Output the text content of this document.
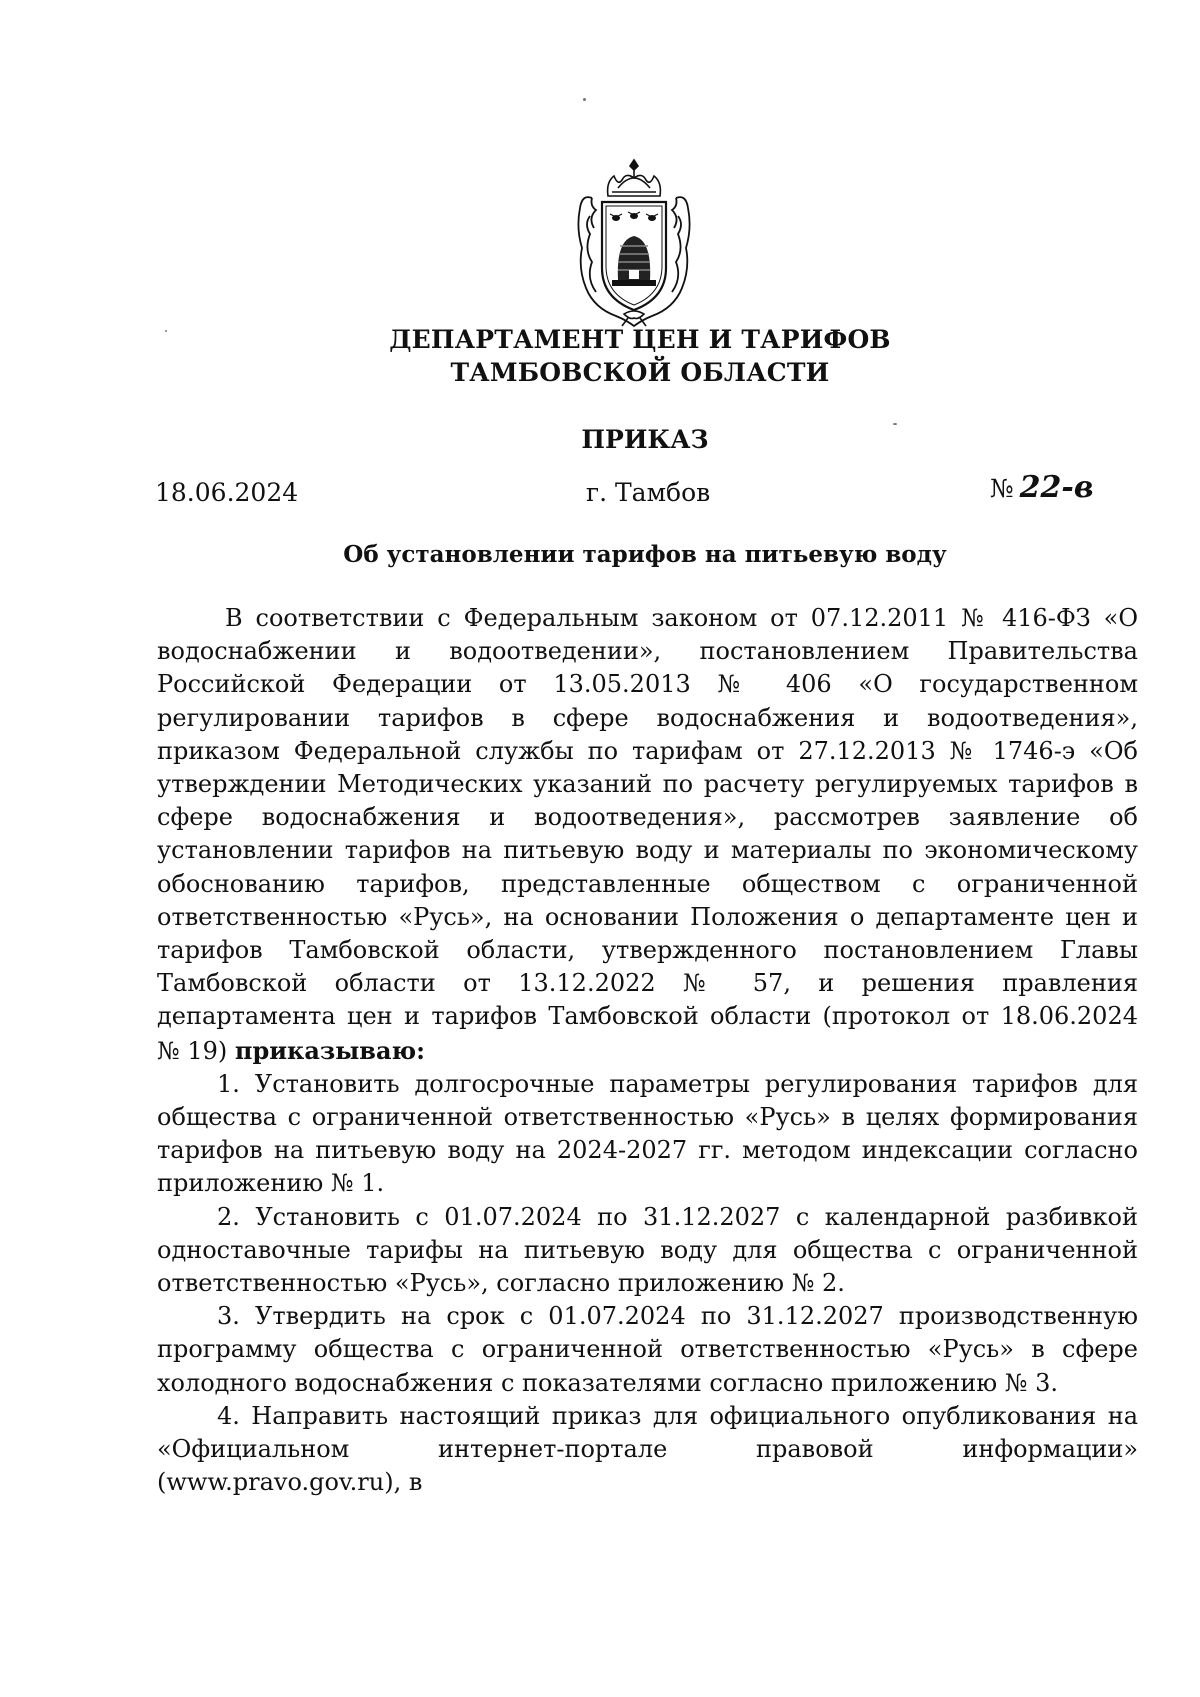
ДЕПАРТАМЕНТ ЦЕН И ТАРИФОВ
ТАМБОВСКОЙ ОБЛАСТИ
ПРИКАЗ
18.06.2024	г. Тамбов	№ 22-в
Об установлении тарифов на питьевую воду

В соответствии с Федеральным законом от 07.12.2011 № 416-ФЗ «О водоснабжении и водоотведении», постановлением Правительства Российской Федерации от 13.05.2013 № 406 «О государственном регулировании тарифов в сфере водоснабжения и водоотведения», приказом Федеральной службы по тарифам от 27.12.2013 № 1746-э «Об утверждении Методических указаний по расчету регулируемых тарифов в сфере водоснабжения и водоотведения», рассмотрев заявление об установлении тарифов на питьевую воду и материалы по экономическому обоснованию тарифов, представленные обществом с ограниченной ответственностью «Русь», на основании Положения о департаменте цен и тарифов Тамбовской области, утвержденного постановлением Главы Тамбовской области от 13.12.2022 № 57, и решения правления департамента цен и тарифов Тамбовской области (протокол от 18.06.2024 № 19) приказываю:

1. Установить долгосрочные параметры регулирования тарифов для общества с ограниченной ответственностью «Русь» в целях формирования тарифов на питьевую воду на 2024-2027 гг. методом индексации согласно приложению № 1.

2. Установить с 01.07.2024 по 31.12.2027 с календарной разбивкой одноставочные тарифы на питьевую воду для общества с ограниченной ответственностью «Русь», согласно приложению № 2.

3. Утвердить на срок с 01.07.2024 по 31.12.2027 производственную программу общества с ограниченной ответственностью «Русь» в сфере холодного водоснабжения с показателями согласно приложению № 3.

4. Направить настоящий приказ для официального опубликования на «Официальном интернет-портале правовой информации» (www.pravo.gov.ru), в
